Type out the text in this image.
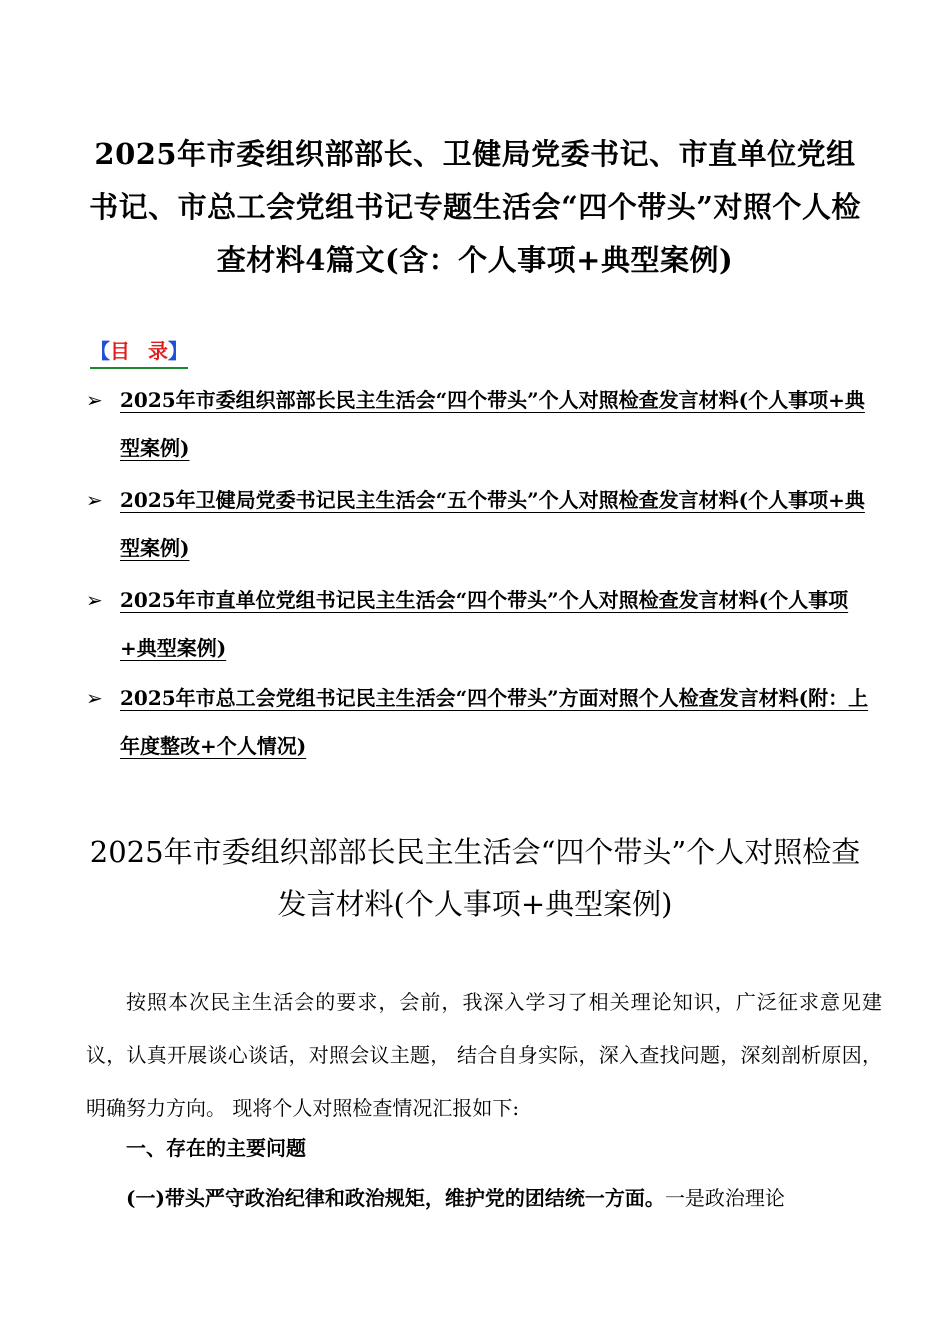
2025年市委组织部部长、卫健局党委书记、市直单位党组书记、市总工会党组书记专题生活会“四个带头”对照个人检查材料4篇文(含：个人事项+典型案例)
【目录】
➢ 2025年市委组织部部长民主生活会“四个带头”个人对照检查发言材料(个人事项+典型案例)
➢ 2025年卫健局党委书记民主生活会“五个带头”个人对照检查发言材料(个人事项+典型案例)
➢ 2025年市直单位党组书记民主生活会“四个带头”个人对照检查发言材料(个人事项+典型案例)
➢ 2025年市总工会党组书记民主生活会“四个带头”方面对照个人检查发言材料(附：上年度整改+个人情况)
2025年市委组织部部长民主生活会“四个带头”个人对照检查发言材料(个人事项+典型案例)
按照本次民主生活会的要求，会前，我深入学习了相关理论知识，广泛征求意见建议，认真开展谈心谈话，对照会议主题， 结合自身实际，深入查找问题，深刻剖析原因，明确努力方向。 现将个人对照检查情况汇报如下:
一、存在的主要问题
(一)带头严守政治纪律和政治规矩，维护党的团结统一方面。一是政治理论
